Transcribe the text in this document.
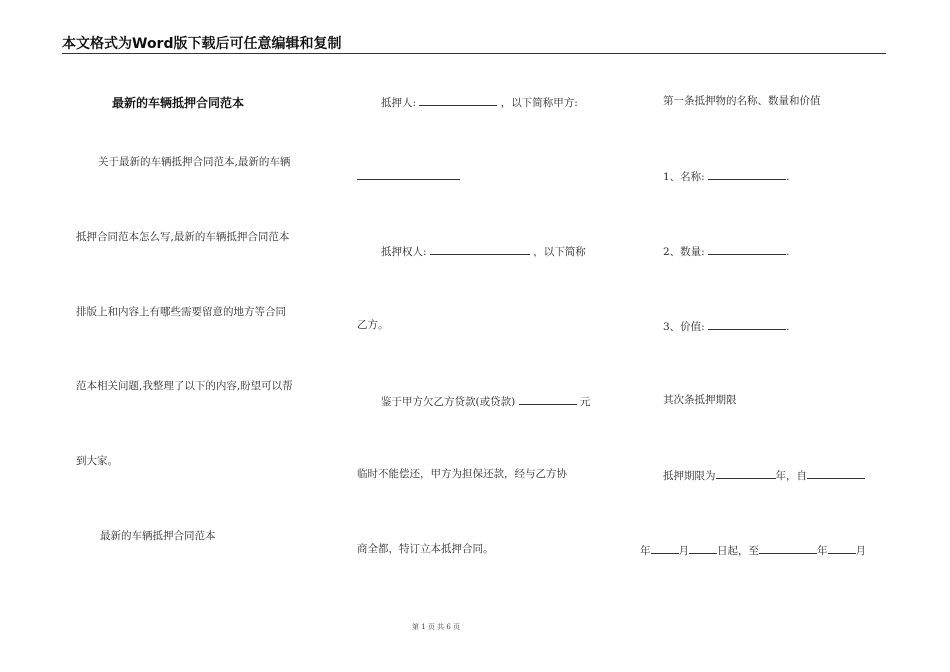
本文格式为Word版下载后可任意编辑和复制
最新的车辆抵押合同范本
关于最新的车辆抵押合同范本,最新的车辆
抵押合同范本怎么写,最新的车辆抵押合同范本
排版上和内容上有哪些需要留意的地方等合同
范本相关问题,我整理了以下的内容,盼望可以帮
到大家。
最新的车辆抵押合同范本
抵押人:	，以下简称甲方:
抵押权人:	，以下简称
乙方。
鉴于甲方欠乙方贷款(或贷款)	元
临时不能偿还，甲方为担保还款，经与乙方协
商全都，特订立本抵押合同。
第一条抵押物的名称、数量和价值
1、名称:	.
2、数量:	.
3、价值:	.
其次条抵押期限
抵押期限为	年，自
年	月	日起，至	年	月
第 1 页 共 6 页
